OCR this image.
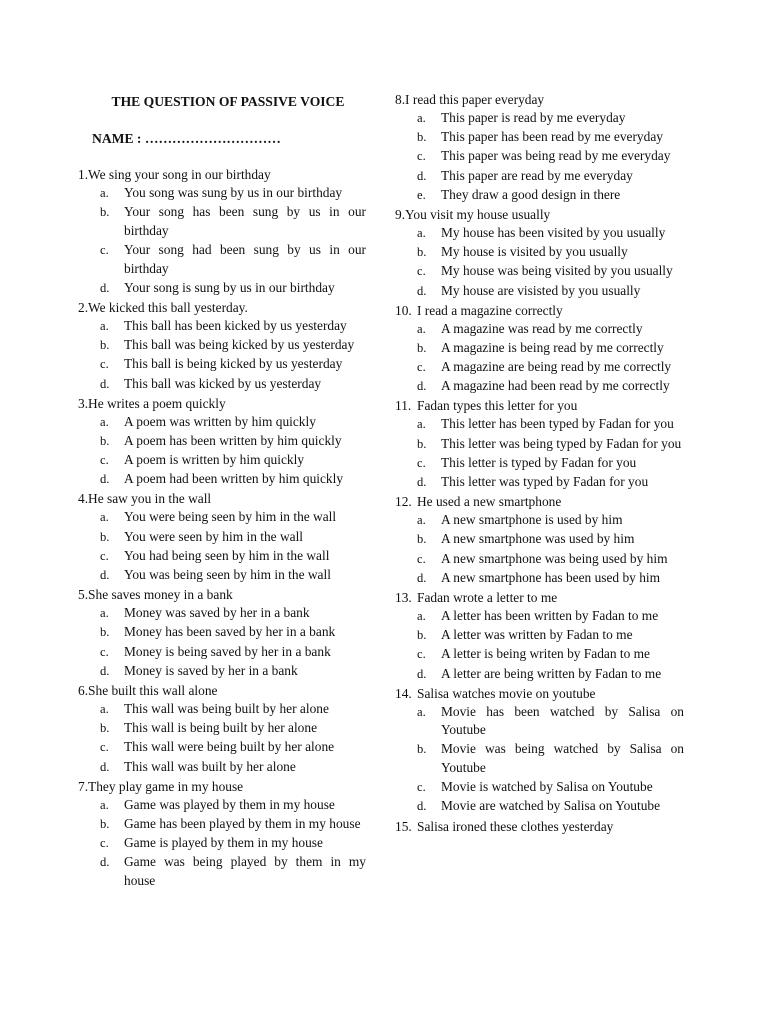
THE QUESTION OF PASSIVE VOICE
NAME : …………………………
1.We sing your song in our birthday
a.	You song was sung by us in our birthday
b.	Your song has been sung by us in our birthday
c.	Your song had been sung by us in our birthday
d.	Your song is sung by us in our birthday
2.We kicked this ball yesterday.
a.	This ball has been kicked by us yesterday
b.	This ball was being kicked by us yesterday
c.	This ball is being kicked by us yesterday
d.	This ball was kicked by us yesterday
3.He writes a poem quickly
a.	A poem was written by him quickly
b.	A poem has been written by him quickly
c.	A poem is written by him quickly
d.	A poem had been written by him quickly
4.He saw you in the wall
a.	You were being seen by him in the wall
b.	You were seen by him in the wall
c.	You had being seen by him in the wall
d.	You was being seen by him in the wall
5.She saves money in a bank
a.	Money was saved by her in a bank
b.	Money has been saved by her in a bank
c.	Money is being saved by her in a bank
d.	Money is saved by her in a bank
6.She built this wall alone
a.	This wall was being built by her alone
b.	This wall is being built by her alone
c.	This wall were being built by her alone
d.	This wall was built by her alone
7.They play game in my house
a.	Game was played by them in my house
b.	Game has been played by them in my house
c.	Game is played by them in my house
d.	Game was being played by them in my house
8.I read this paper everyday
a.	This paper is read by me everyday
b.	This paper has been read by me everyday
c.	This paper was being read by me everyday
d.	This paper are read by me everyday
e.	They draw a good design in there
9.You visit my house usually
a.	My house has been visited by you usually
b.	My house is visited by you usually
c.	My house was being visited by you usually
d.	My house are visisted by you usually
10. I read a magazine correctly
a.	A magazine was read by me correctly
b.	A magazine is being read by me correctly
c.	A magazine are being read by me correctly
d.	A magazine had been read by me correctly
11. Fadan types this letter for you
a.	This letter has been typed by Fadan for you
b.	This letter was being typed by Fadan for you
c.	This letter is typed by Fadan for you
d.	This letter was typed by Fadan for you
12. He used a new smartphone
a.	A new smartphone is used by him
b.	A new smartphone was used by him
c.	A new smartphone was being used by him
d.	A new smartphone has been used by him
13. Fadan wrote a letter to me
a.	A letter has been written by Fadan to me
b.	A letter was written by Fadan to me
c.	A letter is being writen by Fadan to me
d.	A letter are being written by Fadan to me
14. Salisa watches movie on youtube
a.	Movie has been watched by Salisa on Youtube
b.	Movie was being watched by Salisa on Youtube
c.	Movie is watched by Salisa on Youtube
d.	Movie are watched by Salisa on Youtube
15. Salisa ironed these clothes yesterday
